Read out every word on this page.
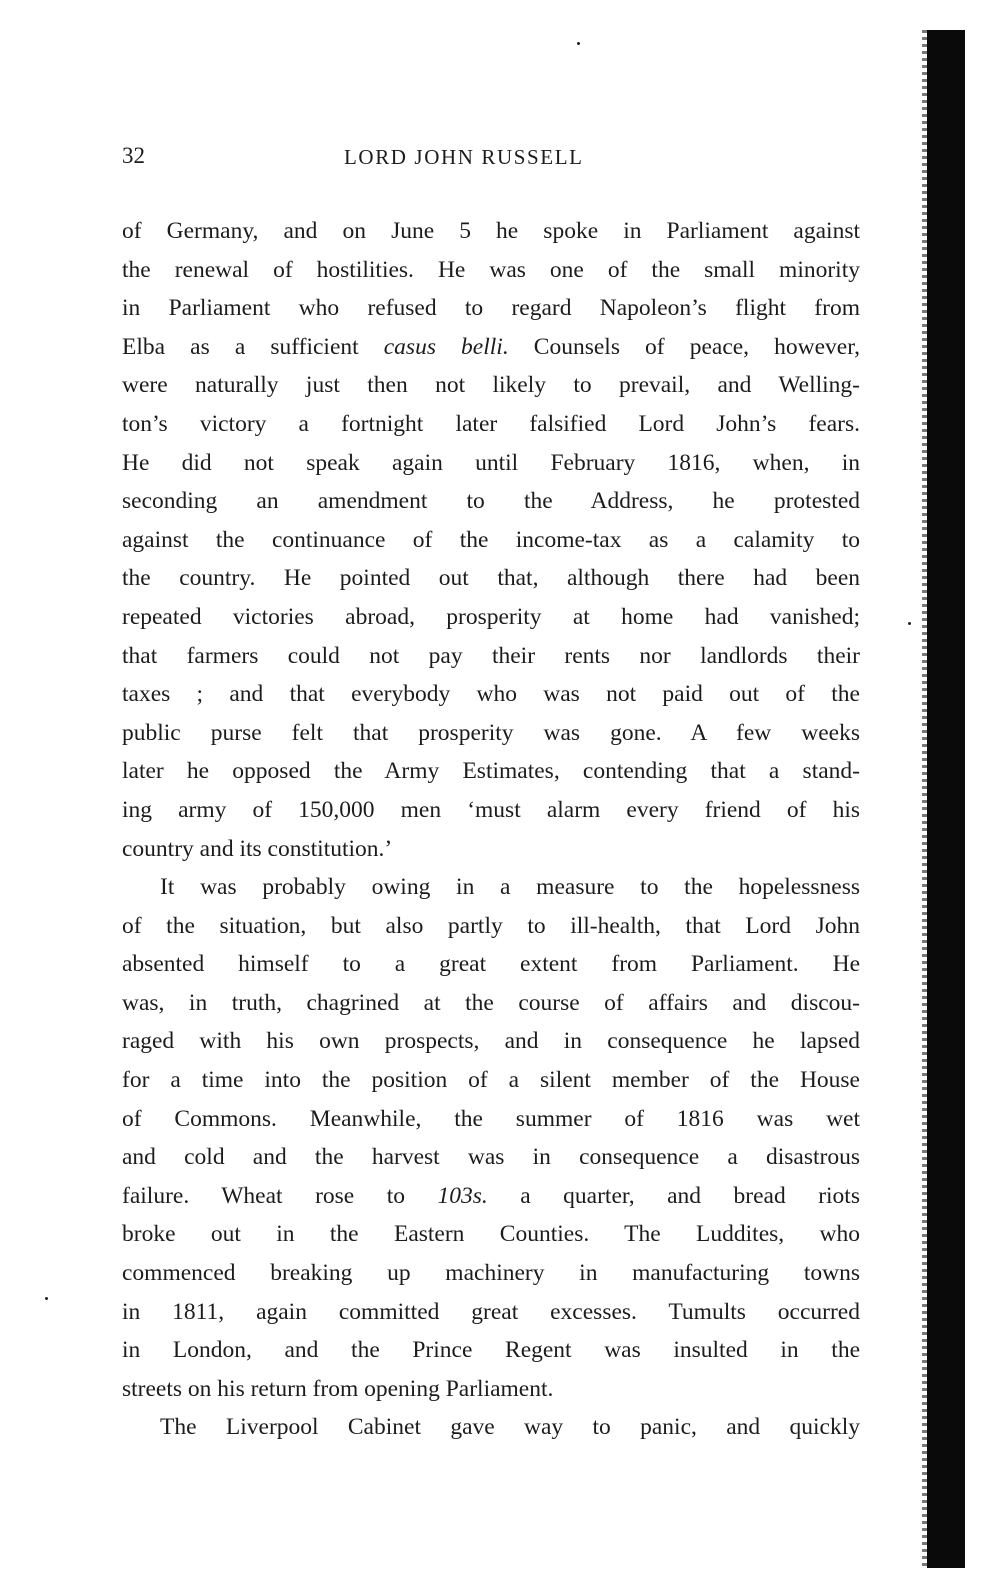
32	LORD JOHN RUSSELL
of Germany, and on June 5 he spoke in Parliament against
the renewal of hostilities. He was one of the small minority
in Parliament who refused to regard Napoleon’s flight from
Elba as a sufficient casus belli. Counsels of peace, however,
were naturally just then not likely to prevail, and Welling-
ton’s victory a fortnight later falsified Lord John’s fears.
He did not speak again until February 1816, when, in
seconding an amendment to the Address, he protested
against the continuance of the income-tax as a calamity to
the country. He pointed out that, although there had been
repeated victories abroad, prosperity at home had vanished;
that farmers could not pay their rents nor landlords their
taxes ; and that everybody who was not paid out of the
public purse felt that prosperity was gone. A few weeks
later he opposed the Army Estimates, contending that a stand-
ing army of 150,000 men ‘must alarm every friend of his
country and its constitution.’
It was probably owing in a measure to the hopelessness
of the situation, but also partly to ill-health, that Lord John
absented himself to a great extent from Parliament. He
was, in truth, chagrined at the course of affairs and discou-
raged with his own prospects, and in consequence he lapsed
for a time into the position of a silent member of the House
of Commons. Meanwhile, the summer of 1816 was wet
and cold and the harvest was in consequence a disastrous
failure. Wheat rose to 103s. a quarter, and bread riots
broke out in the Eastern Counties. The Luddites, who
commenced breaking up machinery in manufacturing towns
in 1811, again committed great excesses. Tumults occurred
in London, and the Prince Regent was insulted in the
streets on his return from opening Parliament.
The Liverpool Cabinet gave way to panic, and quickly
